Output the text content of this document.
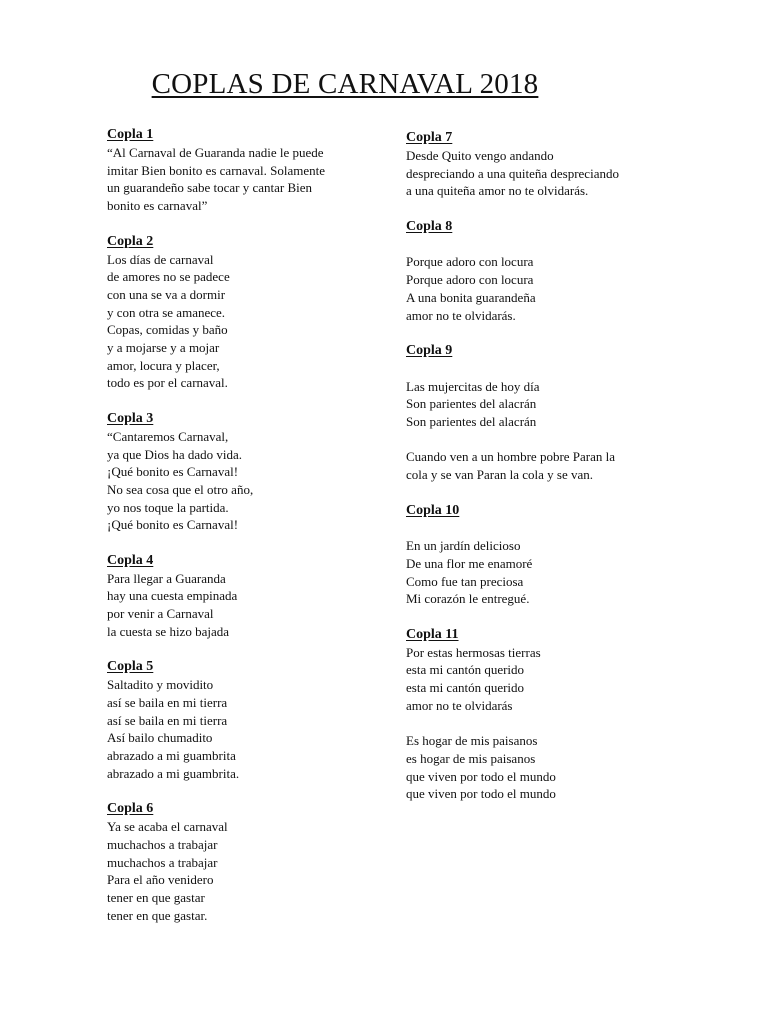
COPLAS DE CARNAVAL 2018
Copla 1
“Al Carnaval de Guaranda nadie le puede
imitar Bien bonito es carnaval. Solamente
un guarandeño sabe tocar y cantar Bien
bonito es carnaval”
Copla 2
Los días de carnaval
de amores no se padece
con una se va a dormir
y con otra se amanece.
Copas, comidas y baño
y a mojarse y a mojar
amor, locura y placer,
todo es por el carnaval.
Copla 3
“Cantaremos Carnaval,
ya que Dios ha dado vida.
¡Qué bonito es Carnaval!
No sea cosa que el otro año,
yo nos toque la partida.
¡Qué bonito es Carnaval!
Copla 4
Para llegar a Guaranda
hay una cuesta empinada
por venir a Carnaval
la cuesta se hizo bajada
Copla 5
Saltadito y movidito
así se baila en mi tierra
así se baila en mi tierra
Así bailo chumadito
abrazado a mi guambrita
abrazado a mi guambrita.
Copla 6
Ya se acaba el carnaval
muchachos a trabajar
muchachos a trabajar
Para el año venidero
tener en que gastar
tener en que gastar.
Copla 7
Desde Quito vengo andando
despreciando a una quiteña despreciando
a una quiteña amor no te olvidarás.
Copla 8
Porque adoro con locura
Porque adoro con locura
A una bonita guarandeña
amor no te olvidarás.
Copla 9
Las mujercitas de hoy día
Son parientes del alacrán
Son parientes del alacrán
Cuando ven a un hombre pobre Paran la
cola y se van Paran la cola y se van.
Copla 10
En un jardín delicioso
De una flor me enamoré
Como fue tan preciosa
Mi corazón le entregué.
Copla 11
Por estas hermosas tierras
esta mi cantón querido
esta mi cantón querido
amor no te olvidarás
Es hogar de mis paisanos
es hogar de mis paisanos
que viven por todo el mundo
que viven por todo el mundo
